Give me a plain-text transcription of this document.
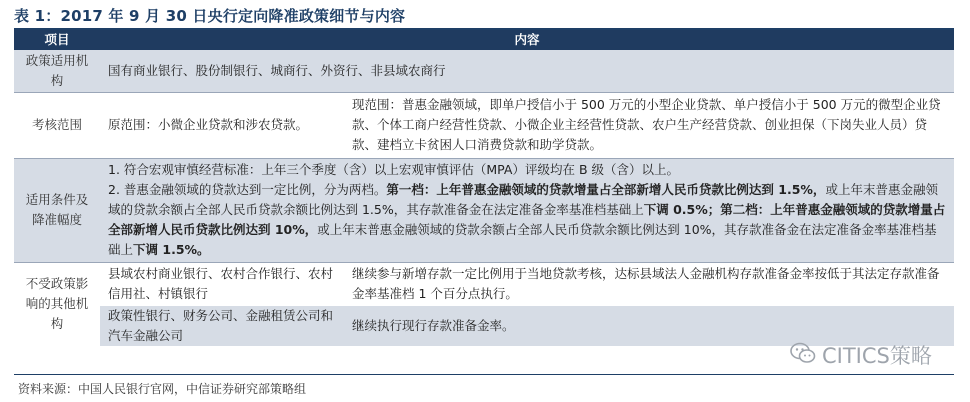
表 1：2017 年 9 月 30 日央行定向降准政策细节与内容
项目	内容	
政策适用机构	国有商业银行、股份制银行、城商行、外资行、非县域农商行	
考核范围	原范围：小微企业贷款和涉农贷款。	现范围：普惠金融领域，即单户授信小于 500 万元的小型企业贷款、单户授信小于 500 万元的微型企业贷款、个体工商户经营性贷款、小微企业主经营性贷款、农户生产经营贷款、创业担保（下岗失业人员）贷款、建档立卡贫困人口消费贷款和助学贷款。
适用条件及降准幅度	1. 符合宏观审慎经营标准：上年三个季度（含）以上宏观审慎评估（MPA）评级均在 B 级（含）以上。
2. 普惠金融领域的贷款达到一定比例，分为两档。第一档：上年普惠金融领域的贷款增量占全部新增人民币贷款比例达到 1.5%，或上年末普惠金融领域的贷款余额占全部人民币贷款余额比例达到 1.5%，其存款准备金在法定准备金率基准档基础上下调 0.5%；第二档：上年普惠金融领域的贷款增量占全部新增人民币贷款比例达到 10%，或上年末普惠金融领域的贷款余额占全部人民币贷款余额比例达到 10%，其存款准备金在法定准备金率基准档基础上下调 1.5%。	

不受政策影响的其他机构	县域农村商业银行、农村合作银行、农村信用社、村镇银行	继续参与新增存款一定比例用于当地贷款考核，达标县域法人金融机构存款准备金率按低于其法定存款准备金率基准档 1 个百分点执行。
	政策性银行、财务公司、金融租赁公司和汽车金融公司	继续执行现行存款准备金率。
资料来源：中国人民银行官网，中信证券研究部策略组
CITICS策略
